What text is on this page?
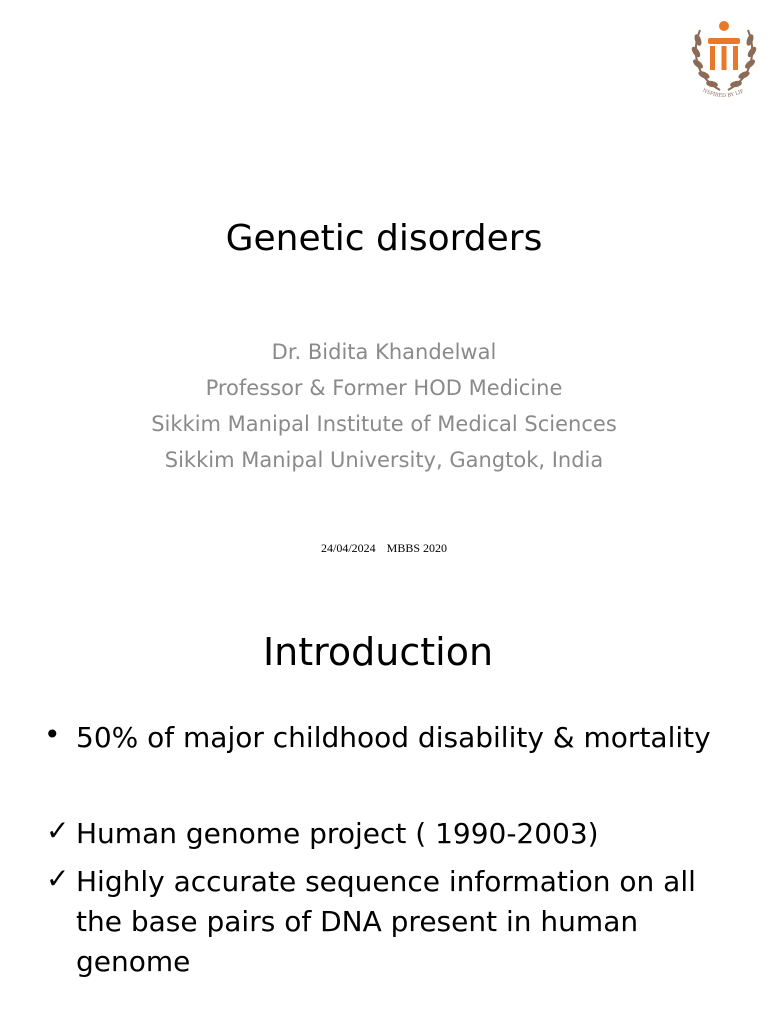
NSPIRED BY LIF
Genetic disorders
Dr. Bidita Khandelwal
Professor & Former HOD Medicine
Sikkim Manipal Institute of Medical Sciences
Sikkim Manipal University, Gangtok, India
24/04/2024 MBBS 2020
Introduction
• 50% of major childhood disability & mortality
✓ Human genome project ( 1990-2003)
✓ Highly accurate sequence information on all the base pairs of DNA present in human genome
